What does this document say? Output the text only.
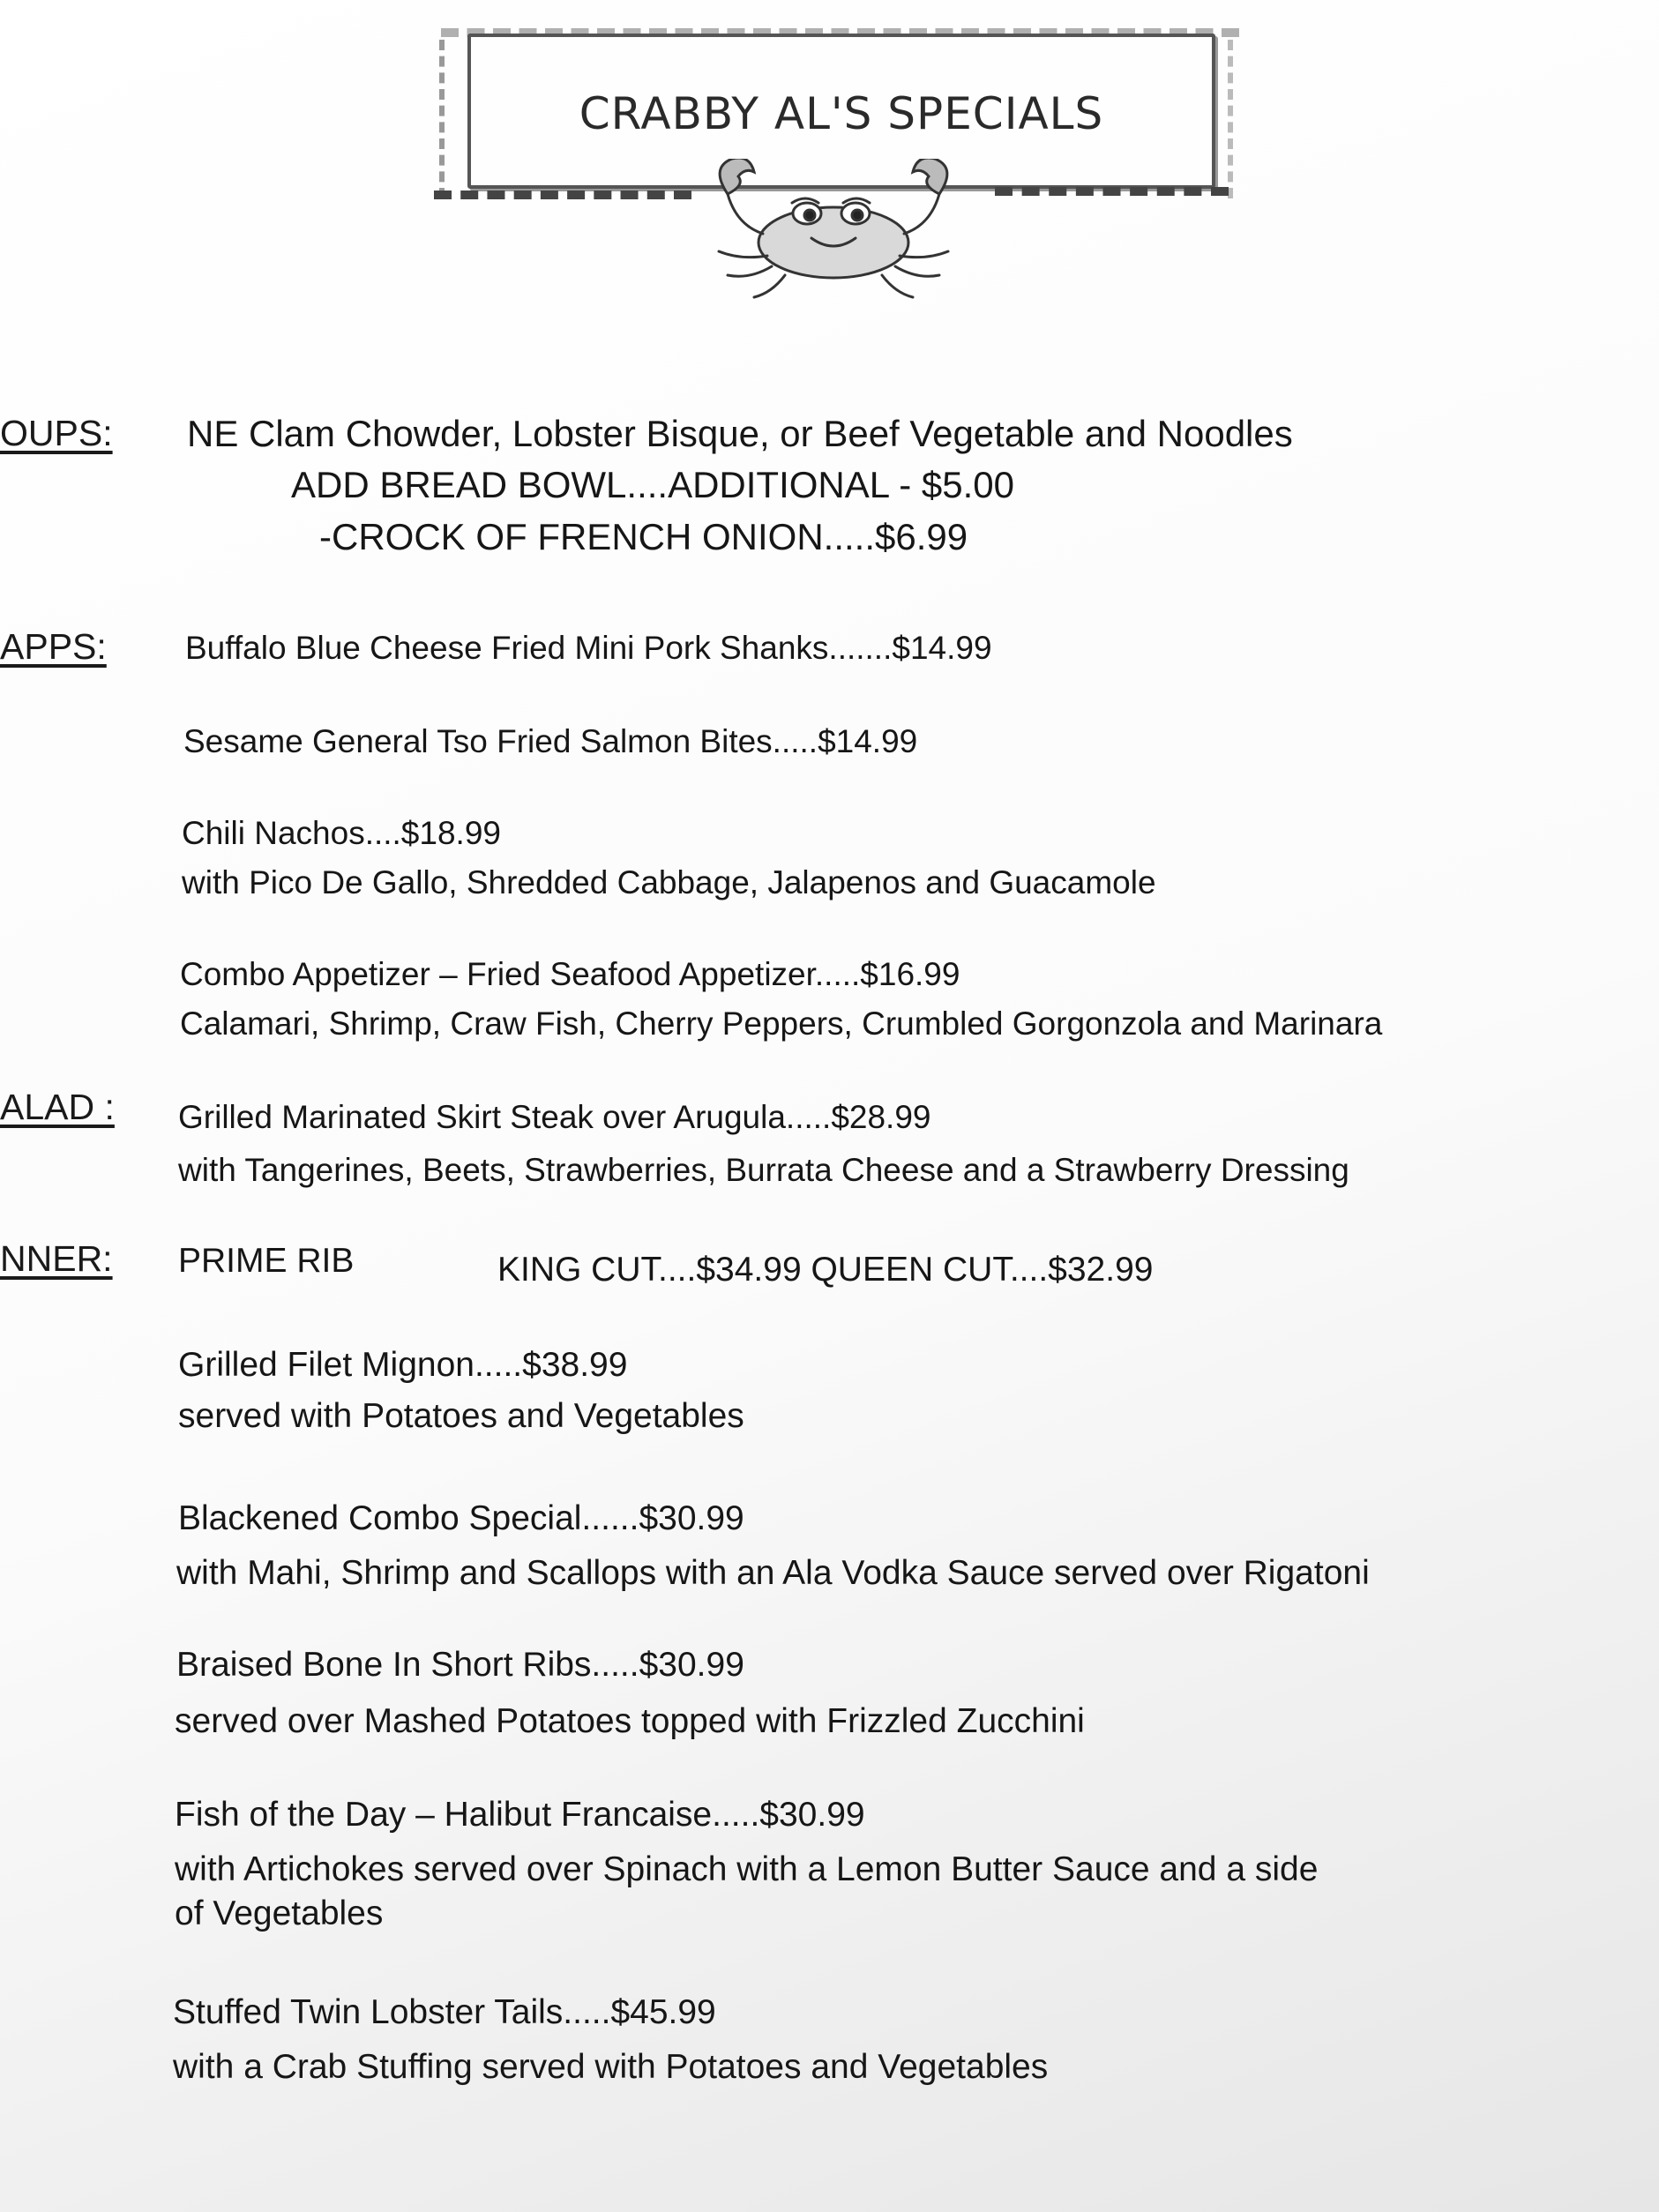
CRABBY AL'S SPECIALS
OUPS: NE Clam Chowder, Lobster Bisque, or Beef Vegetable and Noodles
ADD BREAD BOWL....ADDITIONAL - $5.00
-CROCK OF FRENCH ONION.....$6.99
APPS: Buffalo Blue Cheese Fried Mini Pork Shanks.......$14.99
Sesame General Tso Fried Salmon Bites.....$14.99
Chili Nachos....$18.99
with Pico De Gallo, Shredded Cabbage, Jalapenos and Guacamole
Combo Appetizer – Fried Seafood Appetizer.....$16.99
Calamari, Shrimp, Craw Fish, Cherry Peppers, Crumbled Gorgonzola and Marinara
ALAD : Grilled Marinated Skirt Steak over Arugula.....$28.99
with Tangerines, Beets, Strawberries, Burrata Cheese and a Strawberry Dressing
NNER: PRIME RIB	KING CUT....$34.99 QUEEN CUT....$32.99
Grilled Filet Mignon.....$38.99
served with Potatoes and Vegetables
Blackened Combo Special......$30.99
with Mahi, Shrimp and Scallops with an Ala Vodka Sauce served over Rigatoni
Braised Bone In Short Ribs.....$30.99
served over Mashed Potatoes topped with Frizzled Zucchini
Fish of the Day – Halibut Francaise.....$30.99
with Artichokes served over Spinach with a Lemon Butter Sauce and a side
of Vegetables
Stuffed Twin Lobster Tails.....$45.99
with a Crab Stuffing served with Potatoes and Vegetables
